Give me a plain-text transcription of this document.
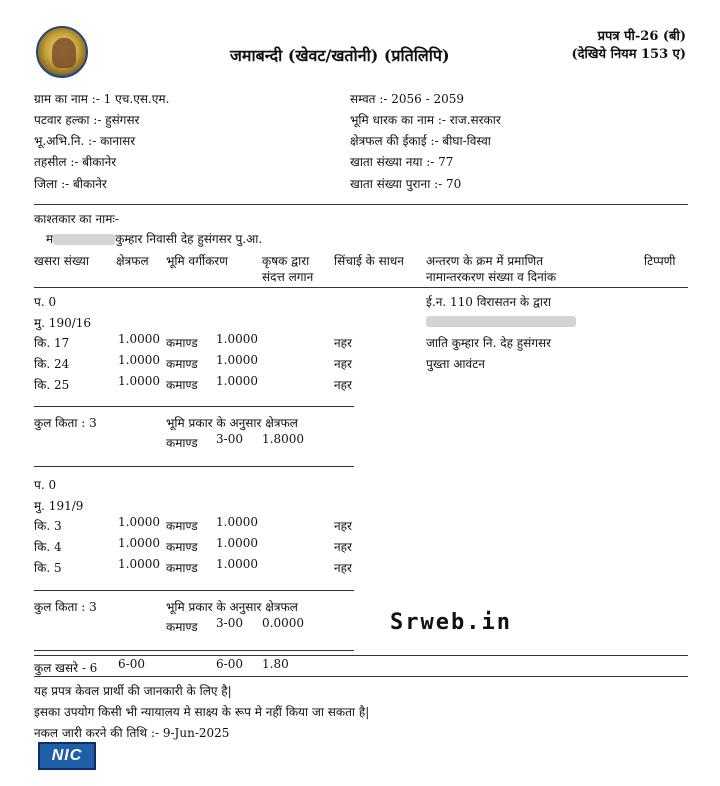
जमाबन्दी (खेवट/खतोनी) (प्रतिलिपि)
प्रपत्र पी-26 (बी)
(देखिये नियम 153 ए)
ग्राम का नाम :- 1 एच.एस.एम.
पटवार हल्का :- हुसंगसर
भू.अभि.नि. :- कानासर
तहसील :- बीकानेर
जिला :- बीकानेर
सम्वत :- 2056 - 2059
भूमि धारक का नाम :- राज.सरकार
क्षेत्रफल की ईकाई :- बीघा-विस्वा
खाता संख्या नया :- 77
खाता संख्या पुराना :- 70
काश्तकार का नामः-
म	कुम्हार निवासी देह हुसंगसर पु.आ.
खसरा संख्या क्षेत्रफल भूमि वर्गीकरण	कृषक द्वारा
संदत्त लगान
सिंचाई के साधन अन्तरण के क्रम में प्रमाणित
नामान्तरकरण संख्या व दिनांक
टिप्पणी
प. 0
मु. 190/16
कि. 17	1.0000 कमाण्ड 1.0000	नहर
कि. 24	1.0000 कमाण्ड 1.0000	नहर
कि. 25	1.0000 कमाण्ड 1.0000	नहर
ई.न. 110 विरासतन के द्वारा
जाति कुम्हार नि. देह हुसंगसर
पुख्ता आवंटन
कुल किता : 3	भूमि प्रकार के अनुसार क्षेत्रफल
कमाण्ड 3-00 1.8000
प. 0
मु. 191/9
कि. 3	1.0000 कमाण्ड 1.0000	नहर
कि. 4	1.0000 कमाण्ड 1.0000	नहर
कि. 5	1.0000 कमाण्ड 1.0000	नहर
कुल किता : 3	भूमि प्रकार के अनुसार क्षेत्रफल
कमाण्ड 3-00 0.0000	Srweb.in
कुल खसरे - 6 6-00	6-00 1.80
यह प्रपत्र केवल प्रार्थी की जानकारी के लिए है|
इसका उपयोग किसी भी न्यायालय मे साक्ष्य के रूप मे नहीं किया जा सकता है|
नकल जारी करने की तिथि :- 9-Jun-2025
NIC
